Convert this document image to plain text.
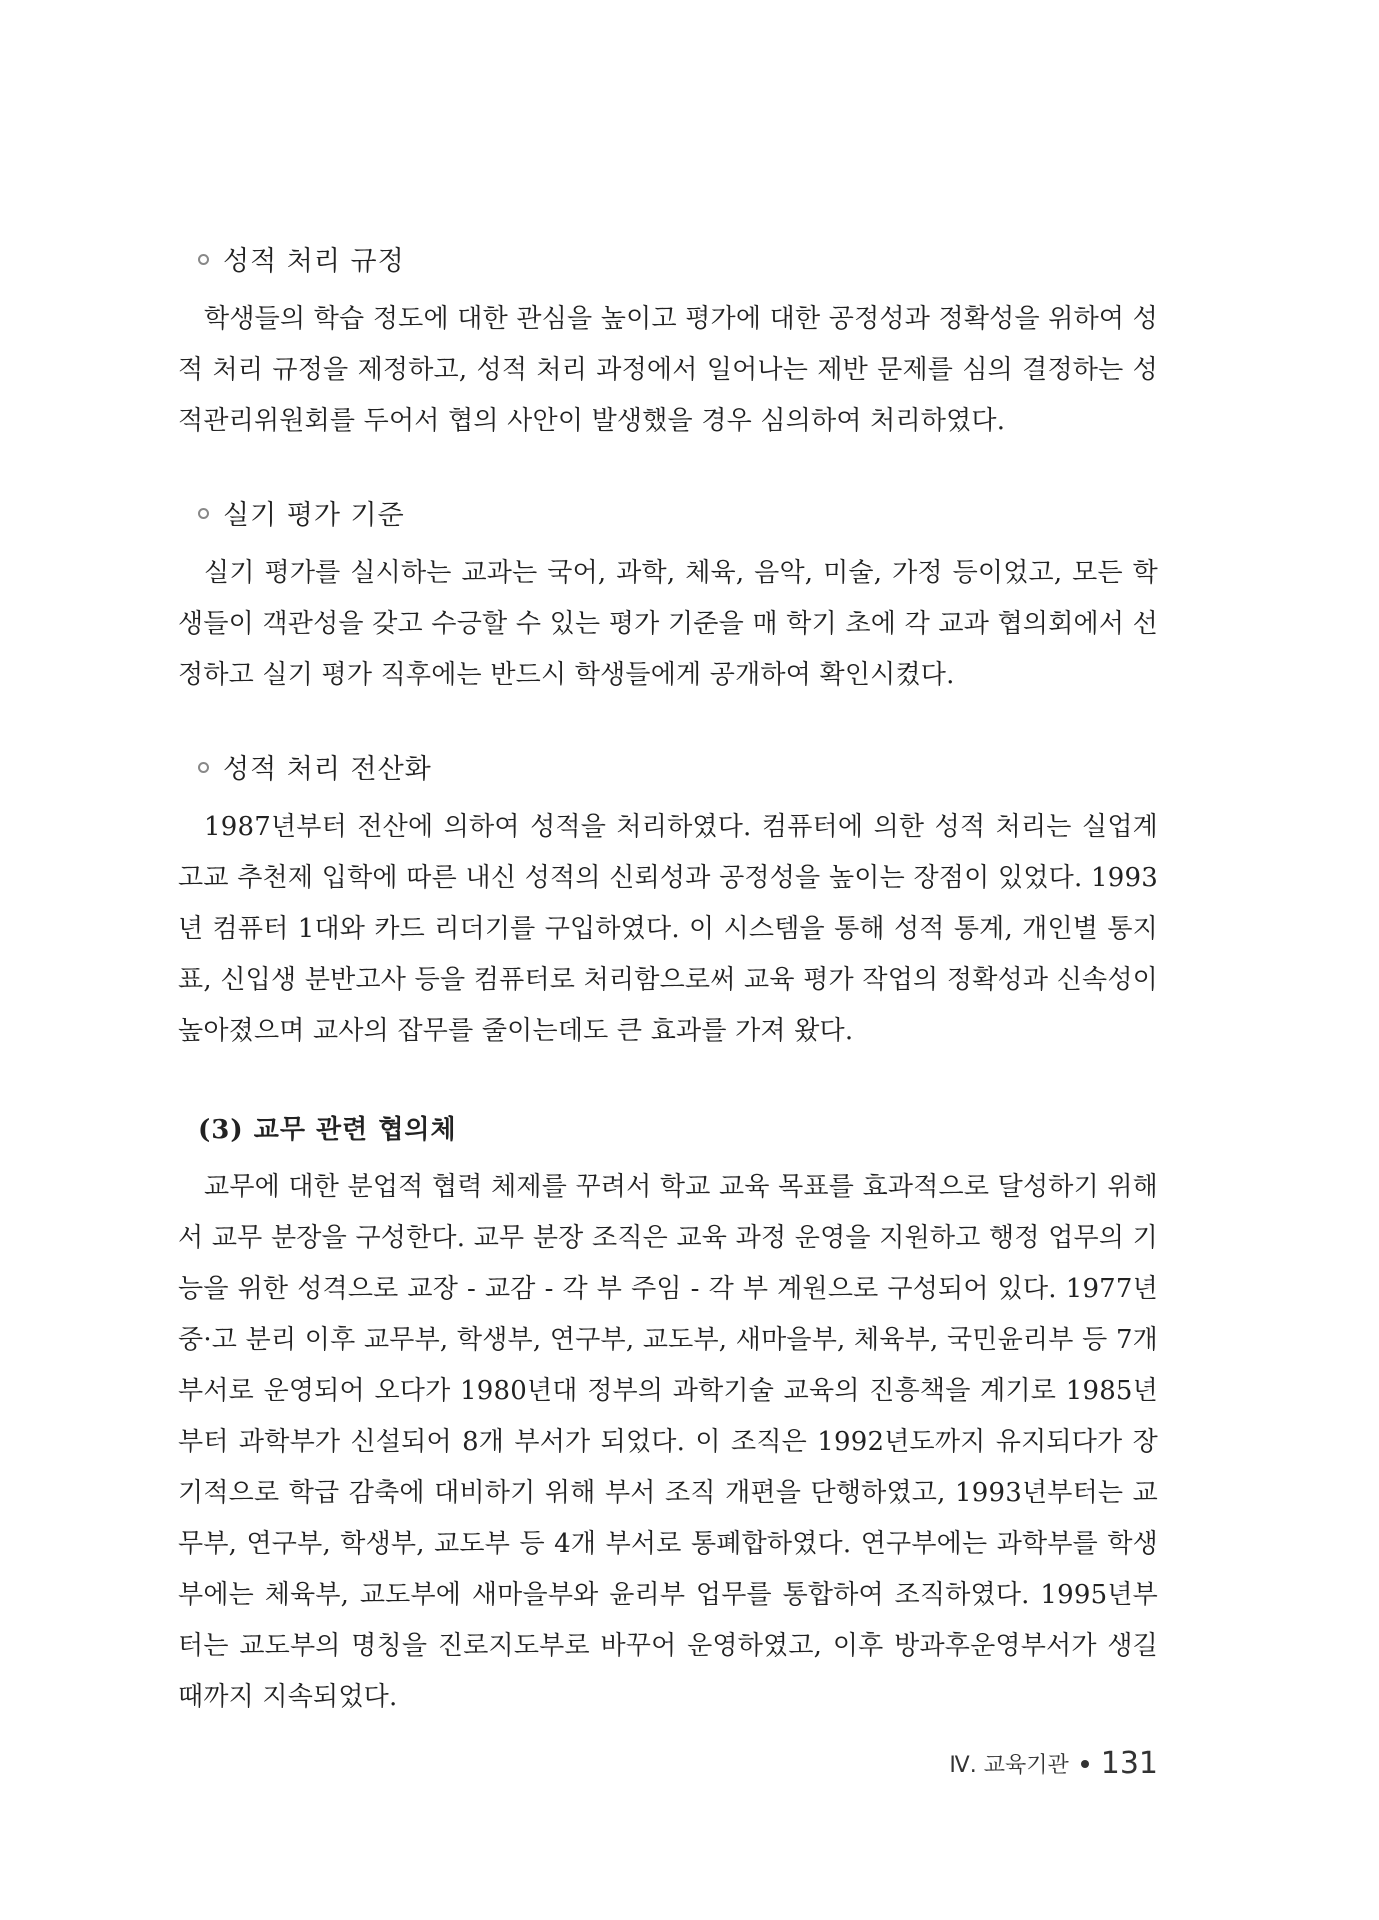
성적 처리 규정
학생들의 학습 정도에 대한 관심을 높이고 평가에 대한 공정성과 정확성을 위하여 성적 처리 규정을 제정하고, 성적 처리 과정에서 일어나는 제반 문제를 심의 결정하는 성적관리위원회를 두어서 협의 사안이 발생했을 경우 심의하여 처리하였다.
실기 평가 기준
실기 평가를 실시하는 교과는 국어, 과학, 체육, 음악, 미술, 가정 등이었고, 모든 학생들이 객관성을 갖고 수긍할 수 있는 평가 기준을 매 학기 초에 각 교과 협의회에서 선정하고 실기 평가 직후에는 반드시 학생들에게 공개하여 확인시켰다.
성적 처리 전산화
1987년부터 전산에 의하여 성적을 처리하였다. 컴퓨터에 의한 성적 처리는 실업계 고교 추천제 입학에 따른 내신 성적의 신뢰성과 공정성을 높이는 장점이 있었다. 1993년 컴퓨터 1대와 카드 리더기를 구입하였다. 이 시스템을 통해 성적 통계, 개인별 통지표, 신입생 분반고사 등을 컴퓨터로 처리함으로써 교육 평가 작업의 정확성과 신속성이 높아졌으며 교사의 잡무를 줄이는데도 큰 효과를 가져 왔다.
(3) 교무 관련 협의체
교무에 대한 분업적 협력 체제를 꾸려서 학교 교육 목표를 효과적으로 달성하기 위해서 교무 분장을 구성한다. 교무 분장 조직은 교육 과정 운영을 지원하고 행정 업무의 기능을 위한 성격으로 교장 - 교감 - 각 부 주임 - 각 부 계원으로 구성되어 있다. 1977년 중·고 분리 이후 교무부, 학생부, 연구부, 교도부, 새마을부, 체육부, 국민윤리부 등 7개 부서로 운영되어 오다가 1980년대 정부의 과학기술 교육의 진흥책을 계기로 1985년부터 과학부가 신설되어 8개 부서가 되었다. 이 조직은 1992년도까지 유지되다가 장기적으로 학급 감축에 대비하기 위해 부서 조직 개편을 단행하였고, 1993년부터는 교무부, 연구부, 학생부, 교도부 등 4개 부서로 통폐합하였다. 연구부에는 과학부를 학생부에는 체육부, 교도부에 새마을부와 윤리부 업무를 통합하여 조직하였다. 1995년부터는 교도부의 명칭을 진로지도부로 바꾸어 운영하였고, 이후 방과후운영부서가 생길 때까지 지속되었다.
Ⅳ. 교육기관 131
